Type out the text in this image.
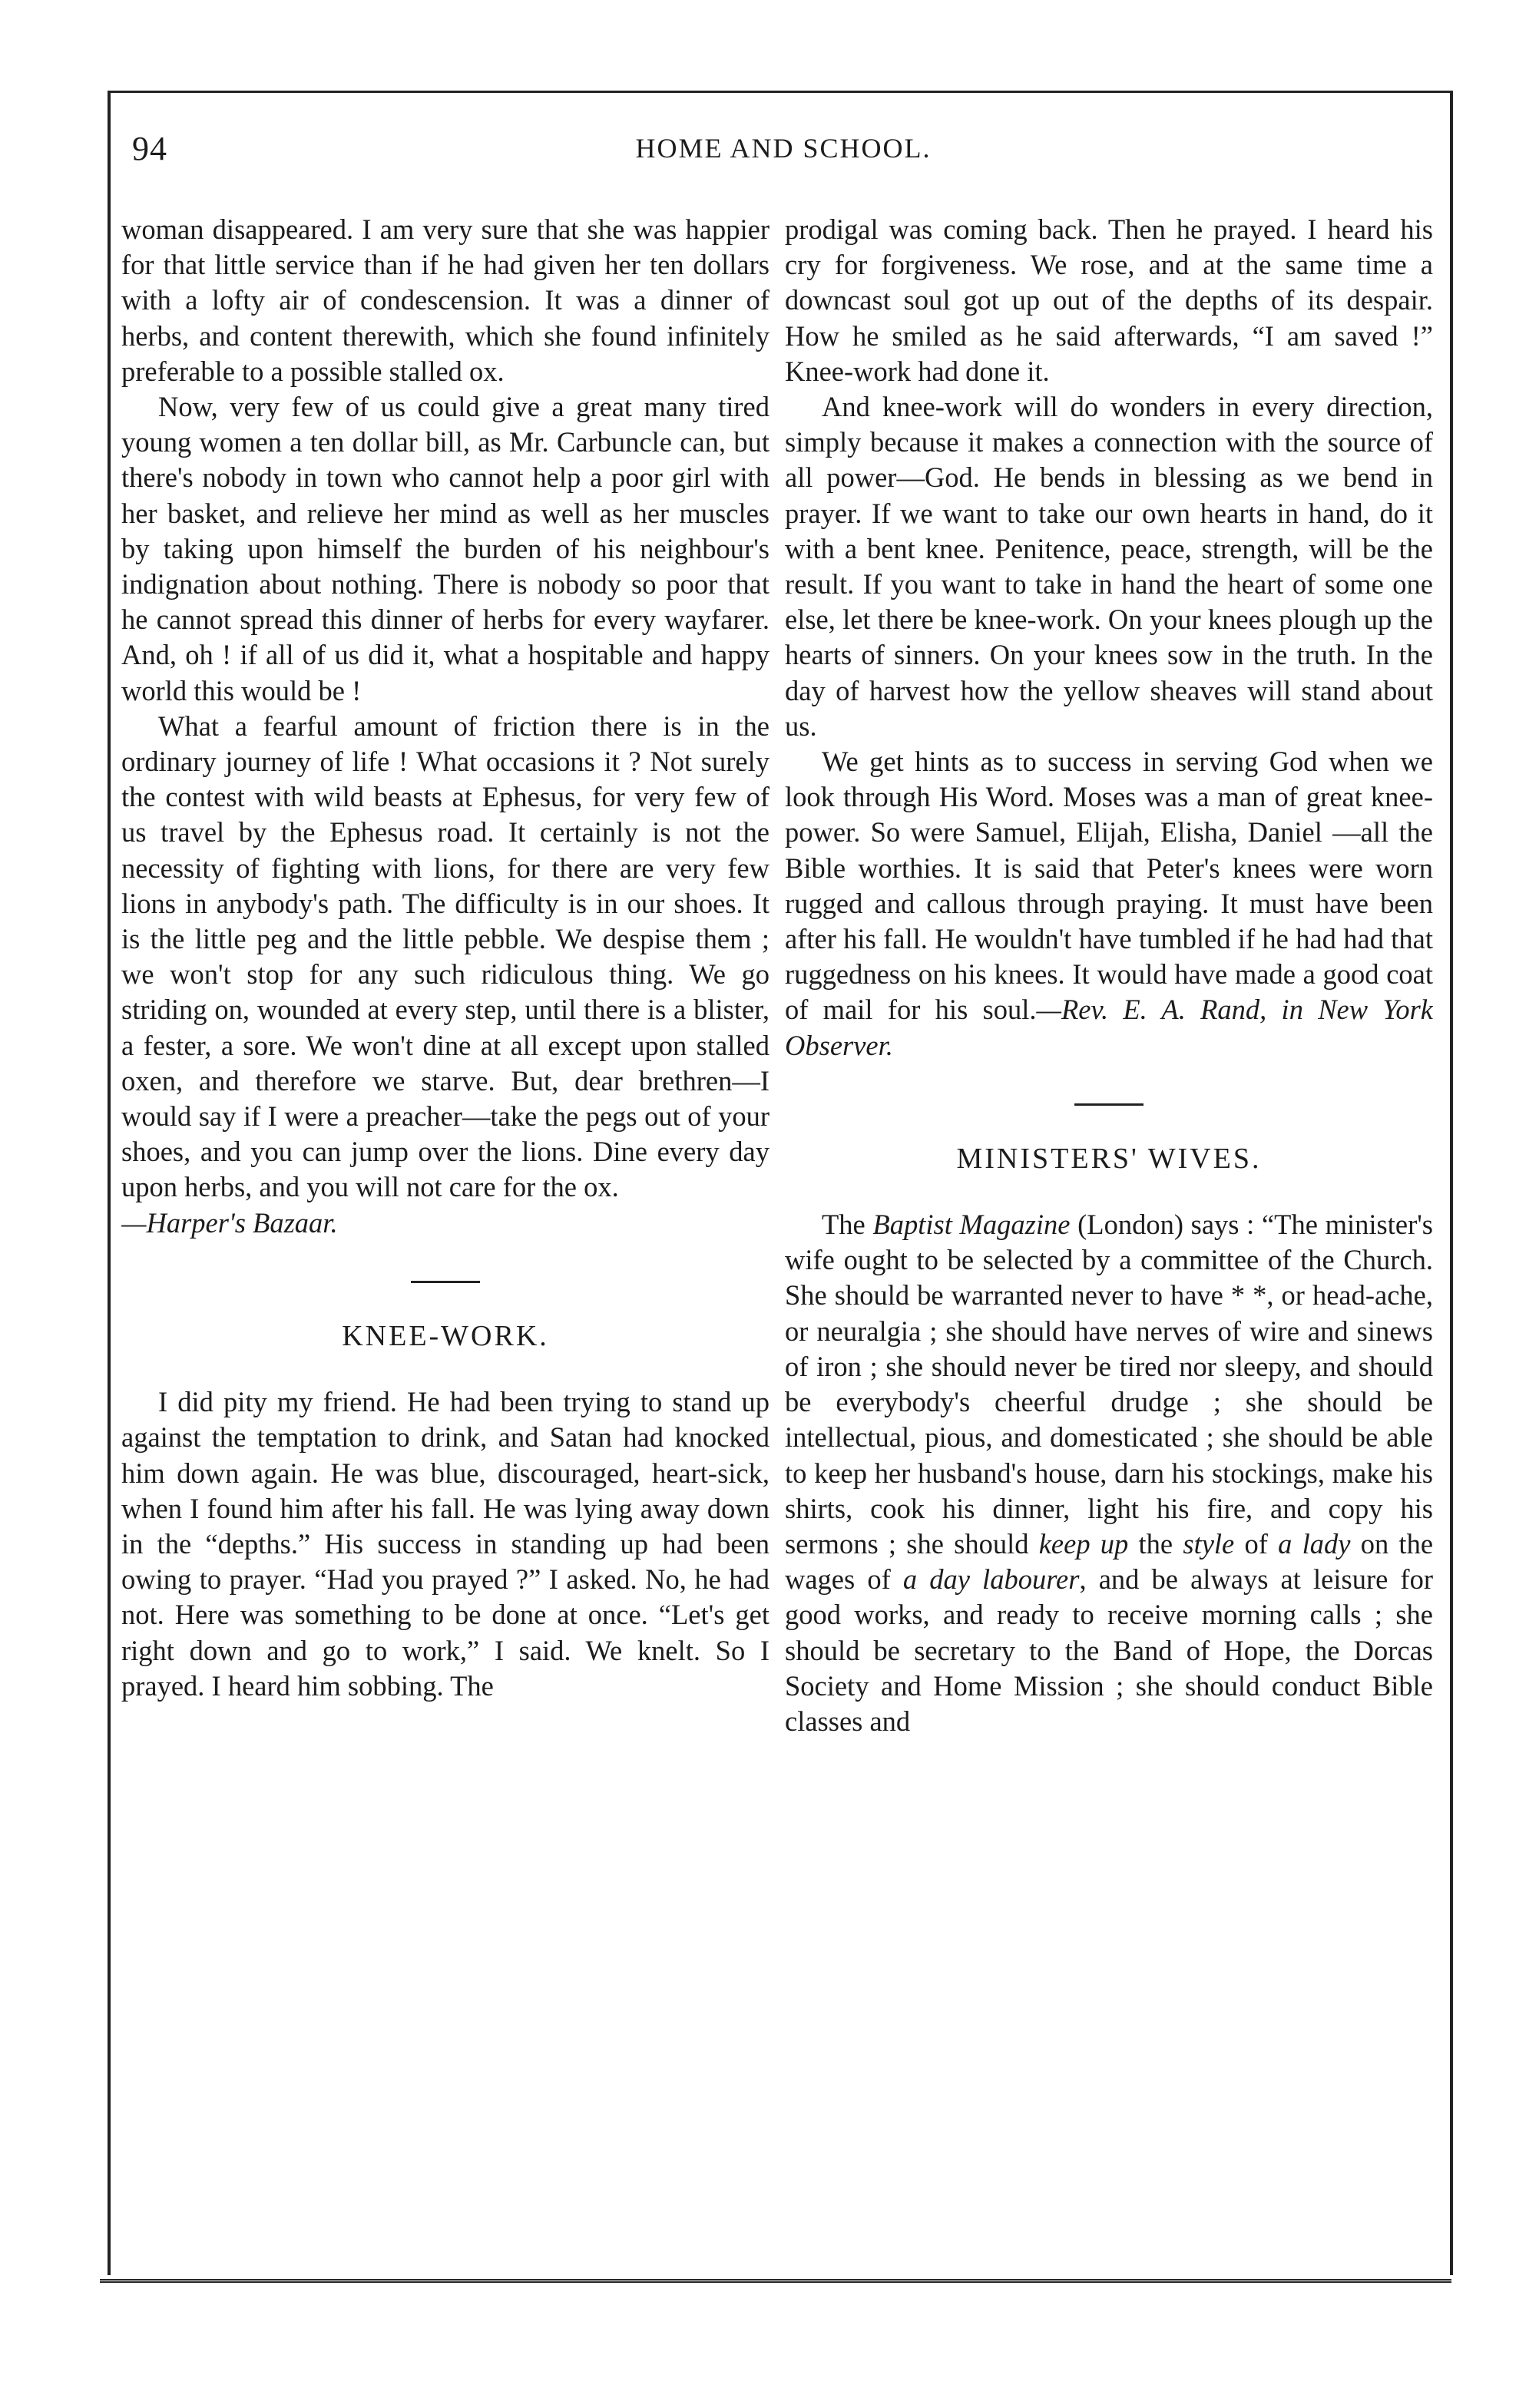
94	HOME AND SCHOOL.

woman disappeared. I am very sure that she was happier for that little service than if he had given her ten dollars with a lofty air of condescension. It was a dinner of herbs, and content therewith, which she found infinitely preferable to a possible stalled ox.

Now, very few of us could give a great many tired young women a ten dollar bill, as Mr. Carbuncle can, but there's nobody in town who cannot help a poor girl with her basket, and relieve her mind as well as her muscles by taking upon himself the burden of his neighbour's indignation about nothing. There is nobody so poor that he cannot spread this dinner of herbs for every wayfarer. And, oh ! if all of us did it, what a hospitable and happy world this would be !

What a fearful amount of friction there is in the ordinary journey of life ! What occasions it ? Not surely the contest with wild beasts at Ephesus, for very few of us travel by the Ephesus road. It certainly is not the necessity of fighting with lions, for there are very few lions in anybody's path. The difficulty is in our shoes. It is the little peg and the little pebble. We despise them ; we won't stop for any such ridiculous thing. We go striding on, wounded at every step, until there is a blister, a fester, a sore. We won't dine at all except upon stalled oxen, and therefore we starve. But, dear brethren—I would say if I were a preacher—take the pegs out of your shoes, and you can jump over the lions. Dine every day upon herbs, and you will not care for the ox.

—Harper's Bazaar.

KNEE-WORK.

I did pity my friend. He had been trying to stand up against the temptation to drink, and Satan had knocked him down again. He was blue, discouraged, heart-sick, when I found him after his fall. He was lying away down in the “depths.” His success in standing up had been owing to prayer. “Had you prayed ?” I asked. No, he had not. Here was something to be done at once. “Let's get right down and go to work,” I said. We knelt. So I prayed. I heard him sobbing. The

prodigal was coming back. Then he prayed. I heard his cry for forgiveness. We rose, and at the same time a downcast soul got up out of the depths of its despair. How he smiled as he said afterwards, “I am saved !” Knee-work had done it.

And knee-work will do wonders in every direction, simply because it makes a connection with the source of all power—God. He bends in blessing as we bend in prayer. If we want to take our own hearts in hand, do it with a bent knee. Penitence, peace, strength, will be the result. If you want to take in hand the heart of some one else, let there be knee-work. On your knees plough up the hearts of sinners. On your knees sow in the truth. In the day of harvest how the yellow sheaves will stand about us.

We get hints as to success in serving God when we look through His Word. Moses was a man of great knee-power. So were Samuel, Elijah, Elisha, Daniel —all the Bible worthies. It is said that Peter's knees were worn rugged and callous through praying. It must have been after his fall. He wouldn't have tumbled if he had had that ruggedness on his knees. It would have made a good coat of mail for his soul.—Rev. E. A. Rand, in New York Observer.

MINISTERS' WIVES.

The Baptist Magazine (London) says : “The minister's wife ought to be selected by a committee of the Church. She should be warranted never to have * *, or head-ache, or neuralgia ; she should have nerves of wire and sinews of iron ; she should never be tired nor sleepy, and should be everybody's cheerful drudge ; she should be intellectual, pious, and domesticated ; she should be able to keep her husband's house, darn his stockings, make his shirts, cook his dinner, light his fire, and copy his sermons ; she should keep up the style of a lady on the wages of a day labourer, and be always at leisure for good works, and ready to receive morning calls ; she should be secretary to the Band of Hope, the Dorcas Society and Home Mission ; she should conduct Bible classes and
